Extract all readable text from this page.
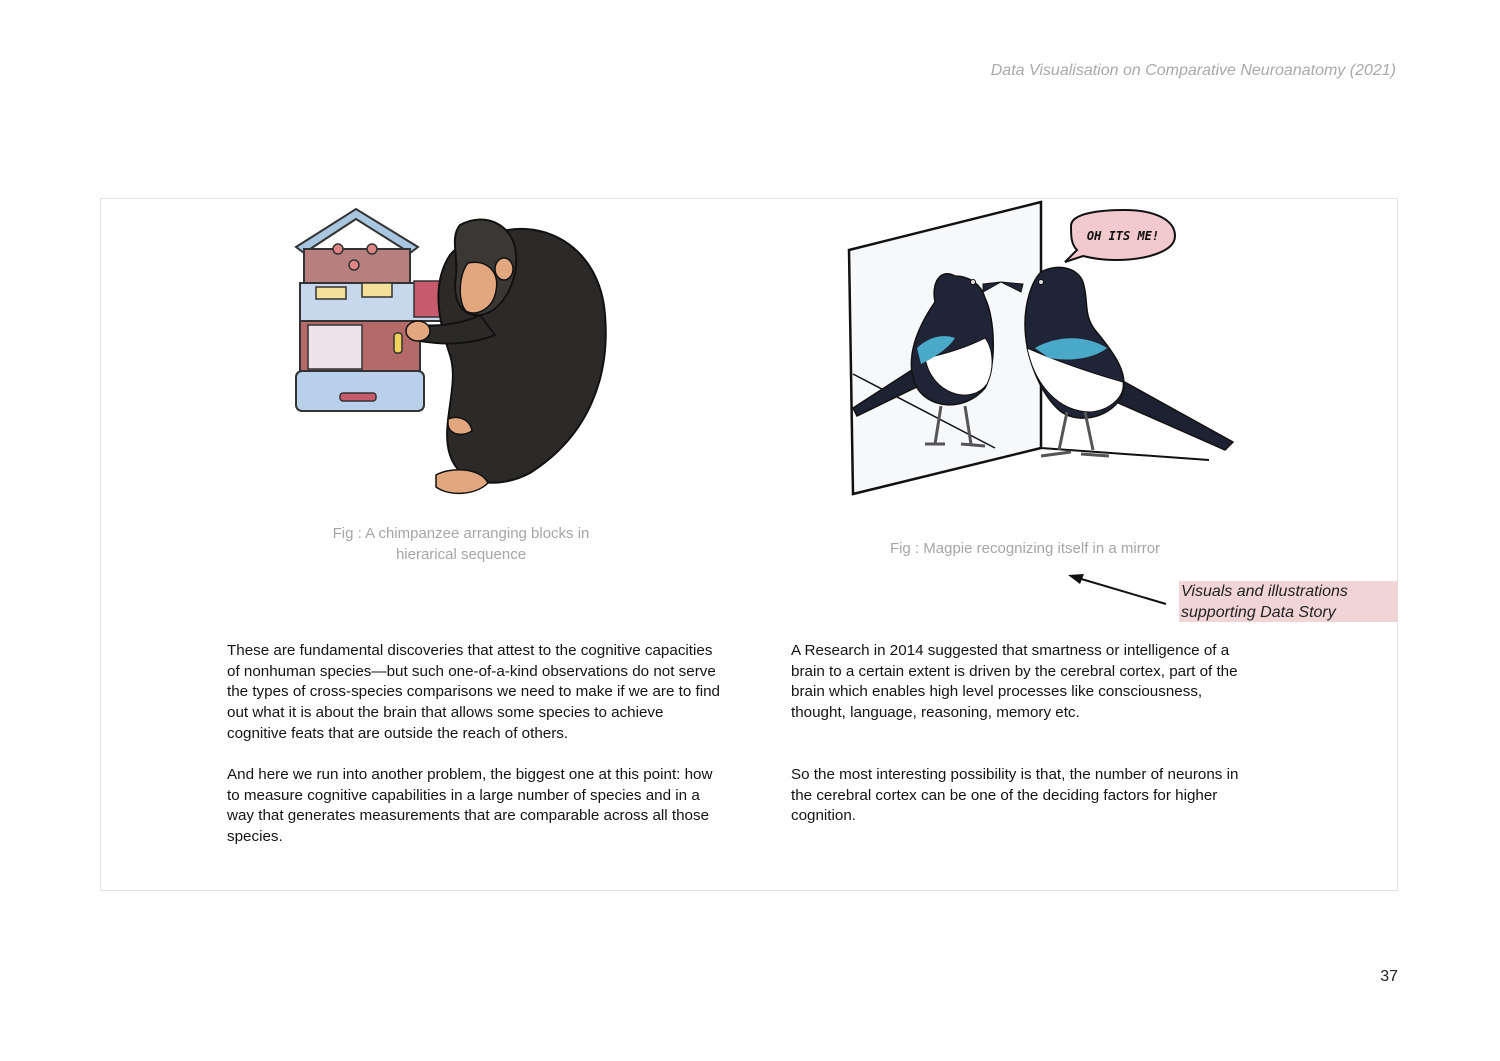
Data Visualisation on Comparative Neuroanatomy (2021)
OH ITS ME!
Fig : A chimpanzee arranging blocks in
hierarical sequence	Fig : Magpie recognizing itself in a mirror
Visuals and illustrations
supporting Data Story
These are fundamental discoveries that attest to the cognitive capacities
of nonhuman species—but such one-of-a-kind observations do not serve
the types of cross-species comparisons we need to make if we are to find
out what it is about the brain that allows some species to achieve
cognitive feats that are outside the reach of others.
And here we run into another problem, the biggest one at this point: how
to measure cognitive capabilities in a large number of species and in a
way that generates measurements that are comparable across all those
species.
A Research in 2014 suggested that smartness or intelligence of a
brain to a certain extent is driven by the cerebral cortex, part of the
brain which enables high level processes like consciousness,
thought, language, reasoning, memory etc.
So the most interesting possibility is that, the number of neurons in
the cerebral cortex can be one of the deciding factors for higher
cognition.
37
